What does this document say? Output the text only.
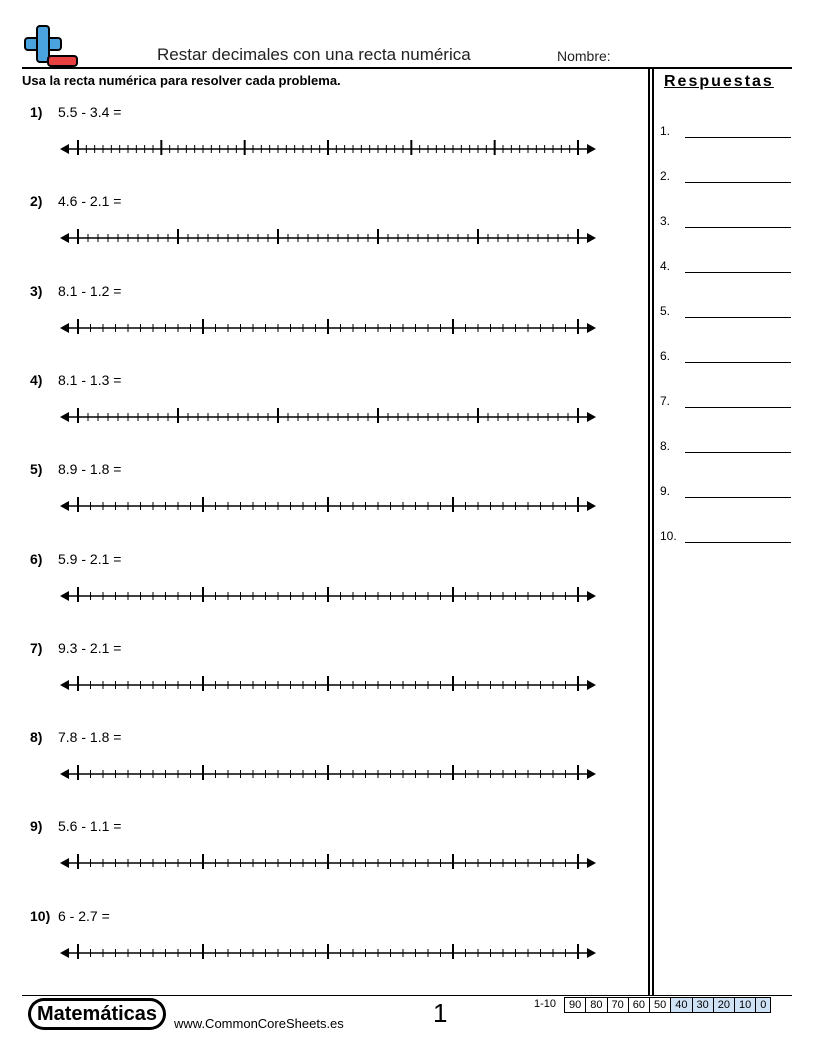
Restar decimales con una recta numérica	Nombre:
Usa la recta numérica para resolver cada problema.	Respuestas
1.
2.
3.
4.
5.
6.
7.
8.
9.
10.
1) 5.5 - 3.4 =
2) 4.6 - 2.1 =
3) 8.1 - 1.2 =
4) 8.1 - 1.3 =
5) 8.9 - 1.8 =
6) 5.9 - 2.1 =
7) 9.3 - 2.1 =
8) 7.8 - 1.8 =
9) 5.6 - 1.1 =
10) 6 - 2.7 =
Matemáticas	www.CommonCoreSheets.es	1	1-10 90	80	70	60	50	40	30	20	10	0
